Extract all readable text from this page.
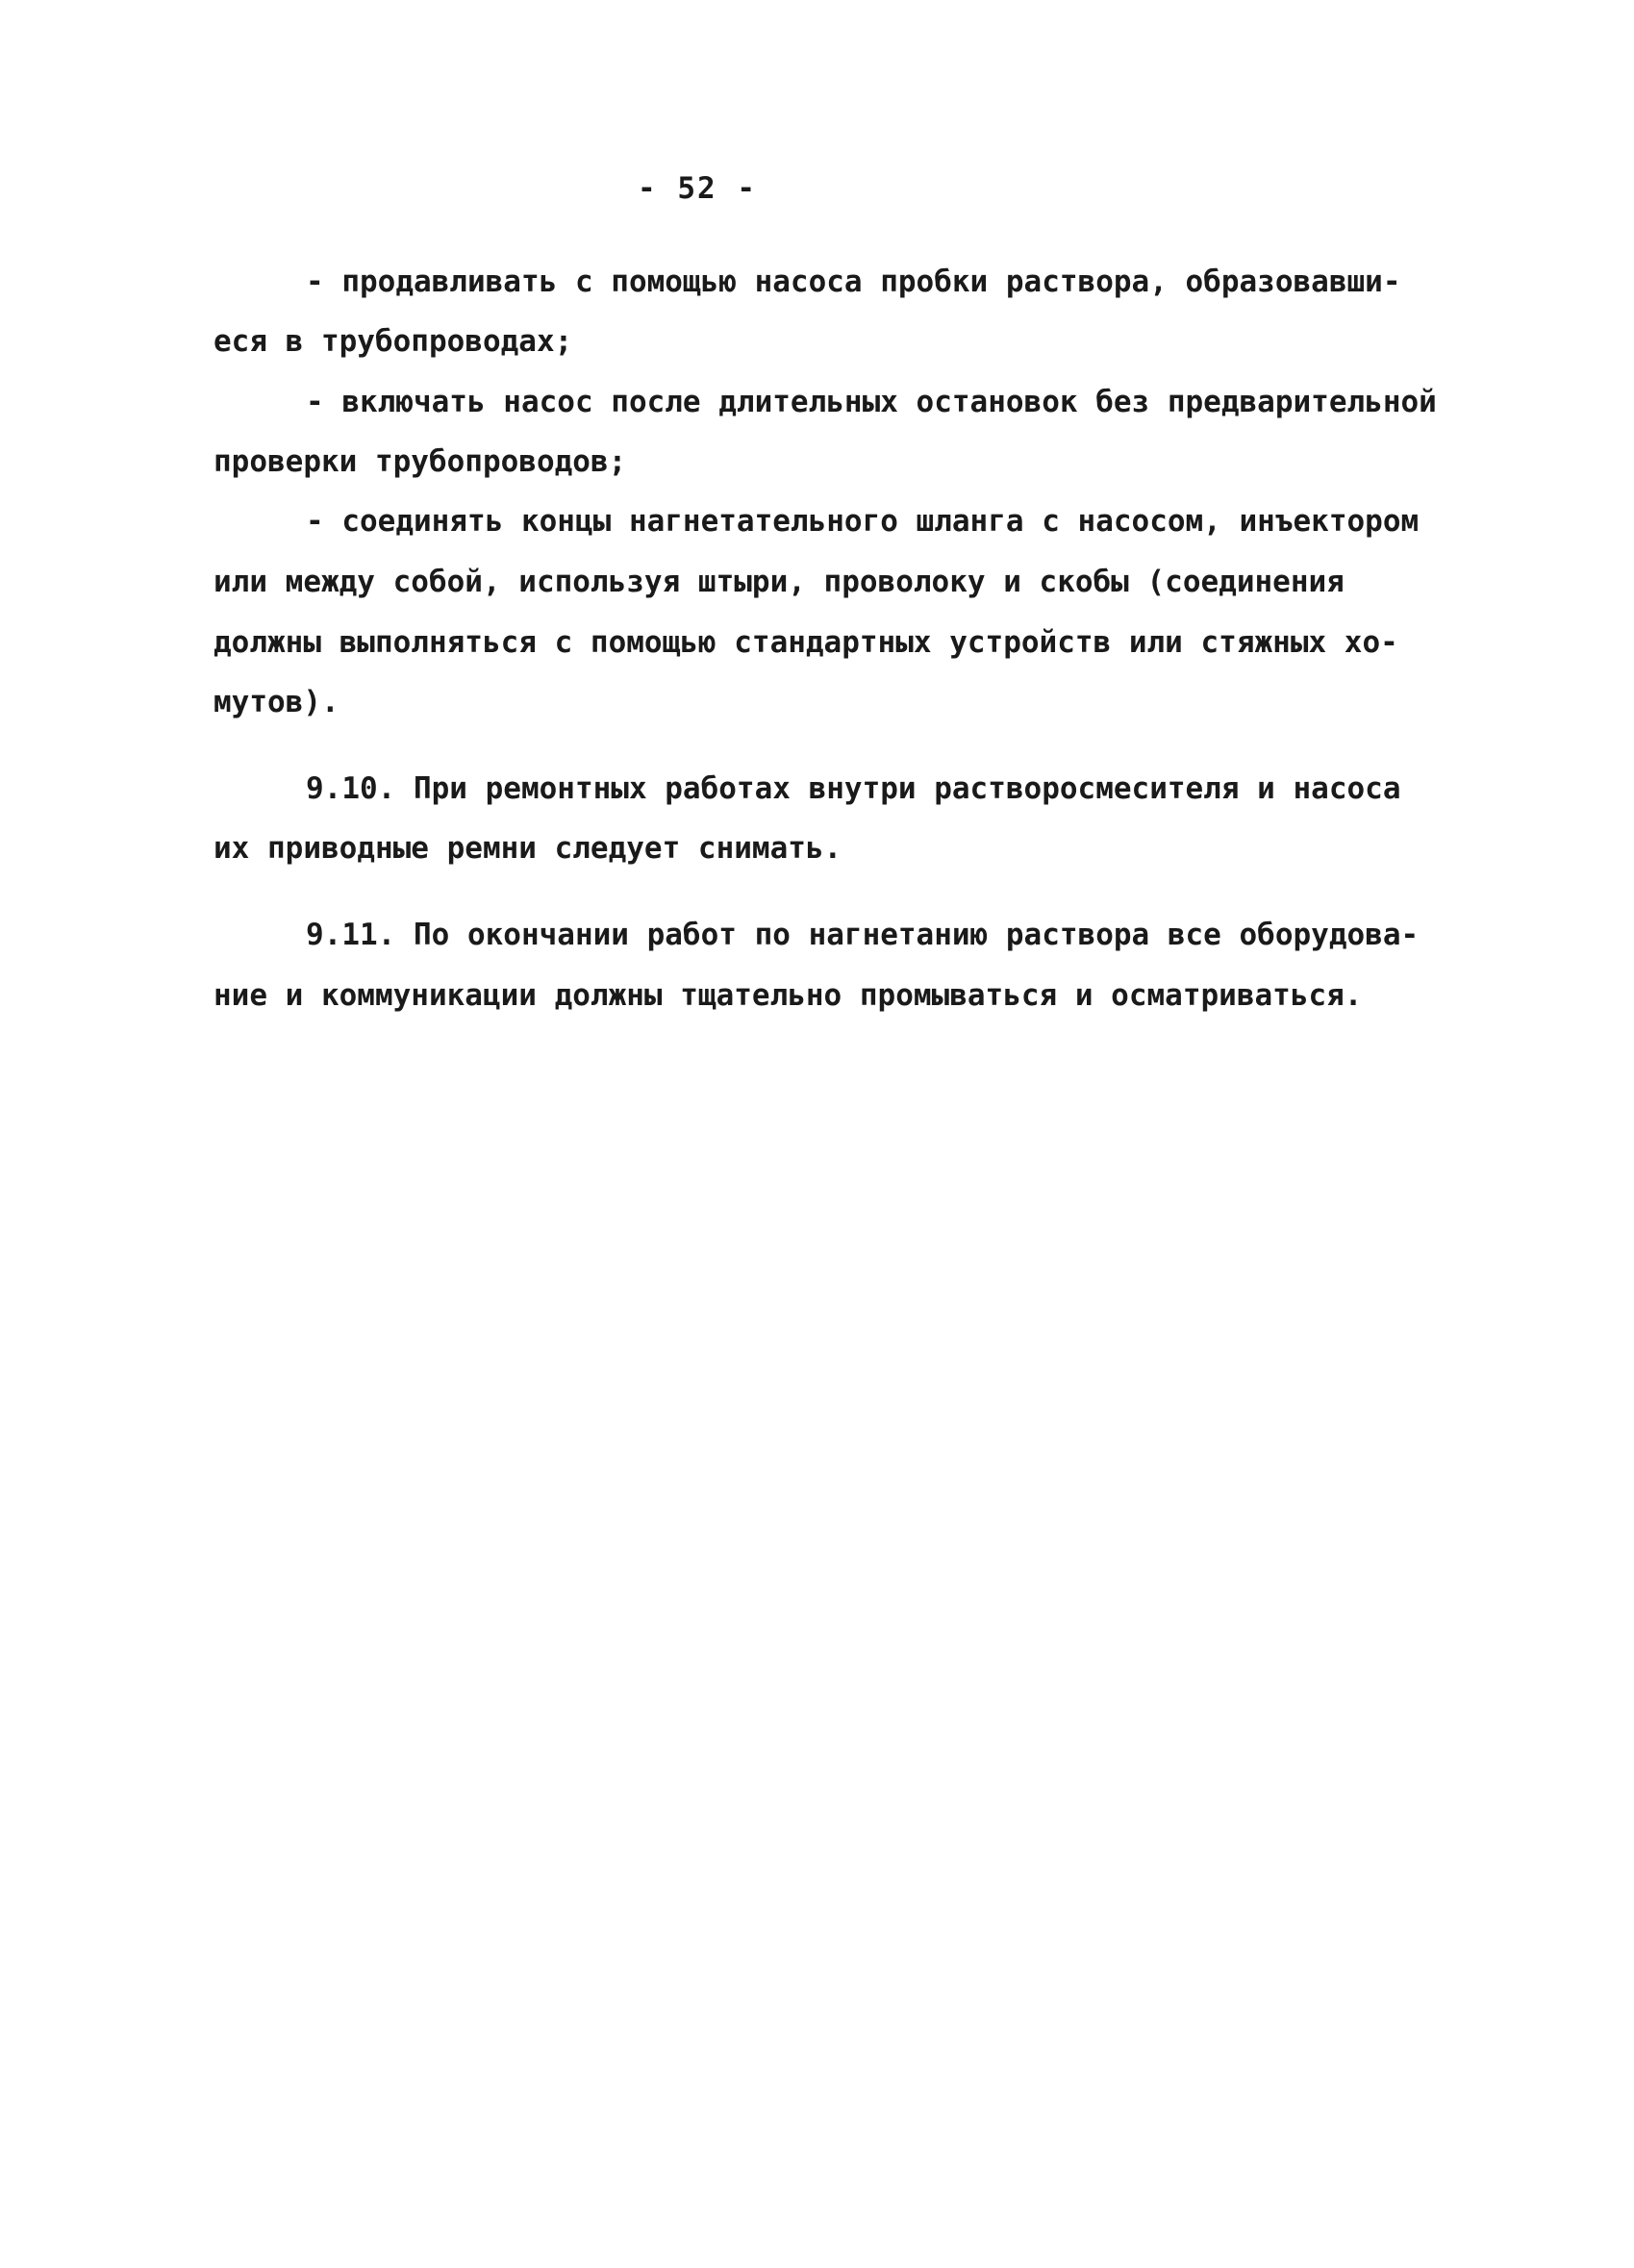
- 52 -
- продавливать с помощью насоса пробки раствора, образовавши-
еся в трубопроводах;
- включать насос после длительных остановок без предварительной
проверки трубопроводов;
- соединять концы нагнетательного шланга с насосом, инъектором
или между собой, используя штыри, проволоку и скобы (соединения
должны выполняться с помощью стандартных устройств или стяжных хо-
мутов).
9.10. При ремонтных работах внутри растворосмесителя и насоса
их приводные ремни следует снимать.
9.11. По окончании работ по нагнетанию раствора все оборудова-
ние и коммуникации должны тщательно промываться и осматриваться.
